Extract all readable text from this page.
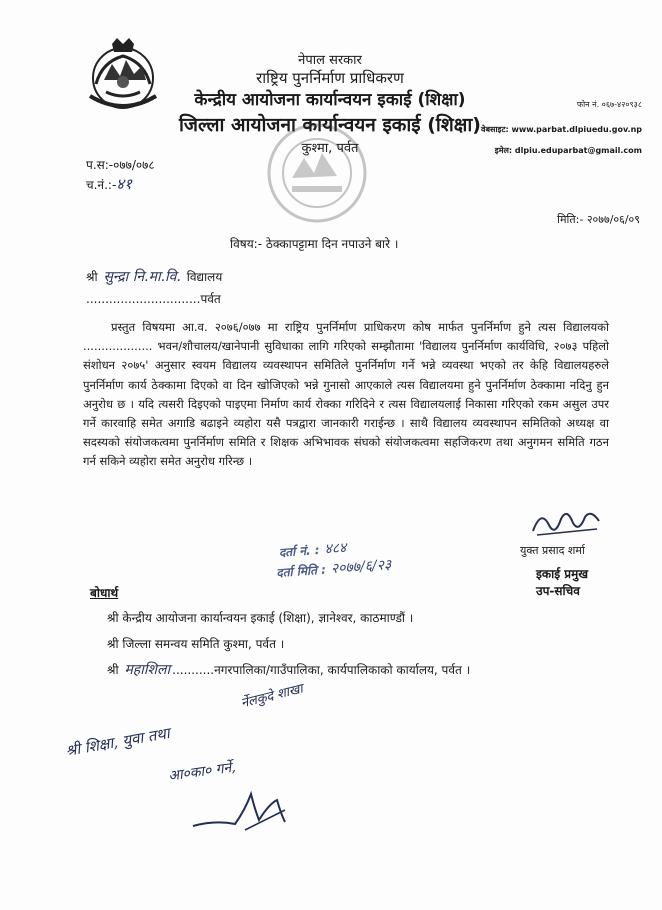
नेपाल सरकार
राष्ट्रिय पुनर्निर्माण प्राधिकरण
केन्द्रीय आयोजना कार्यान्वयन इकाई (शिक्षा)
जिल्ला आयोजना कार्यान्वयन इकाई (शिक्षा)
कुश्मा, पर्वत
फोन नं. ०६७-४२०९३८
वेबसाइट: www.parbat.dlpiuedu.gov.np
इमेल: dlpiu.eduparbat@gmail.com
प.स:-०७७/०७८
च.नं.:-४१
मिति:- २०७७/०६/०९
विषय:- ठेक्कापट्टामा दिन नपाउने बारे ।
श्री सुन्द्रा नि.मा.वि. विद्यालय
..............................पर्वत

प्रस्तुत विषयमा आ.व. २०७६/०७७ मा राष्ट्रिय पुनर्निर्माण प्राधिकरण कोष मार्फत पुनर्निर्माण हुने त्यस विद्यालयको ................... भवन/शौचालय/खानेपानी सुविधाका लागि गरिएको सम्झौतामा 'विद्यालय पुनर्निर्माण कार्यविधि, २०७३ पहिलो संशोधन २०७५' अनुसार स्वयम विद्यालय व्यवस्थापन समितिले पुनर्निर्माण गर्ने भन्ने व्यवस्था भएको तर केहि विद्यालयहरुले पुनर्निर्माण कार्य ठेक्कामा दिएको वा दिन खोजिएको भन्ने गुनासो आएकाले त्यस विद्यालयमा हुने पुनर्निर्माण ठेक्कामा नदिनु हुन अनुरोध छ । यदि त्यसरी दिइएको पाइएमा निर्माण कार्य रोक्का गरिदिने र त्यस विद्यालयलाई निकासा गरिएको रकम असुल उपर गर्ने कारवाहि समेत अगाडि बढाइने व्यहोरा यसै पत्रद्वारा जानकारी गराईन्छ । साथै विद्यालय व्यवस्थापन समितिको अध्यक्ष वा सदस्यको संयोजकत्वमा पुनर्निर्माण समिति र शिक्षक अभिभावक संघको संयोजकत्वमा सहजिकरण तथा अनुगमन समिति गठन गर्न सकिने व्यहोरा समेत अनुरोध गरिन्छ ।

युक्त प्रसाद शर्मा
इकाई प्रमुख
उप-सचिव
दर्ता नं. : ४८४
दर्ता मिति : २०७७/६/२३
बोधार्थ
श्री केन्द्रीय आयोजना कार्यान्वयन इकाई (शिक्षा), ज्ञानेश्वर, काठमाण्डौं ।
श्री जिल्ला समन्वय समिति कुश्मा, पर्वत ।
श्री महाशिला ...........नगरपालिका/गाउँपालिका, कार्यपालिकाको कार्यालय, पर्वत ।
र्नेलकुदे शाखा
श्री शिक्षा, युवा तथा
आ०का० गर्ने,
